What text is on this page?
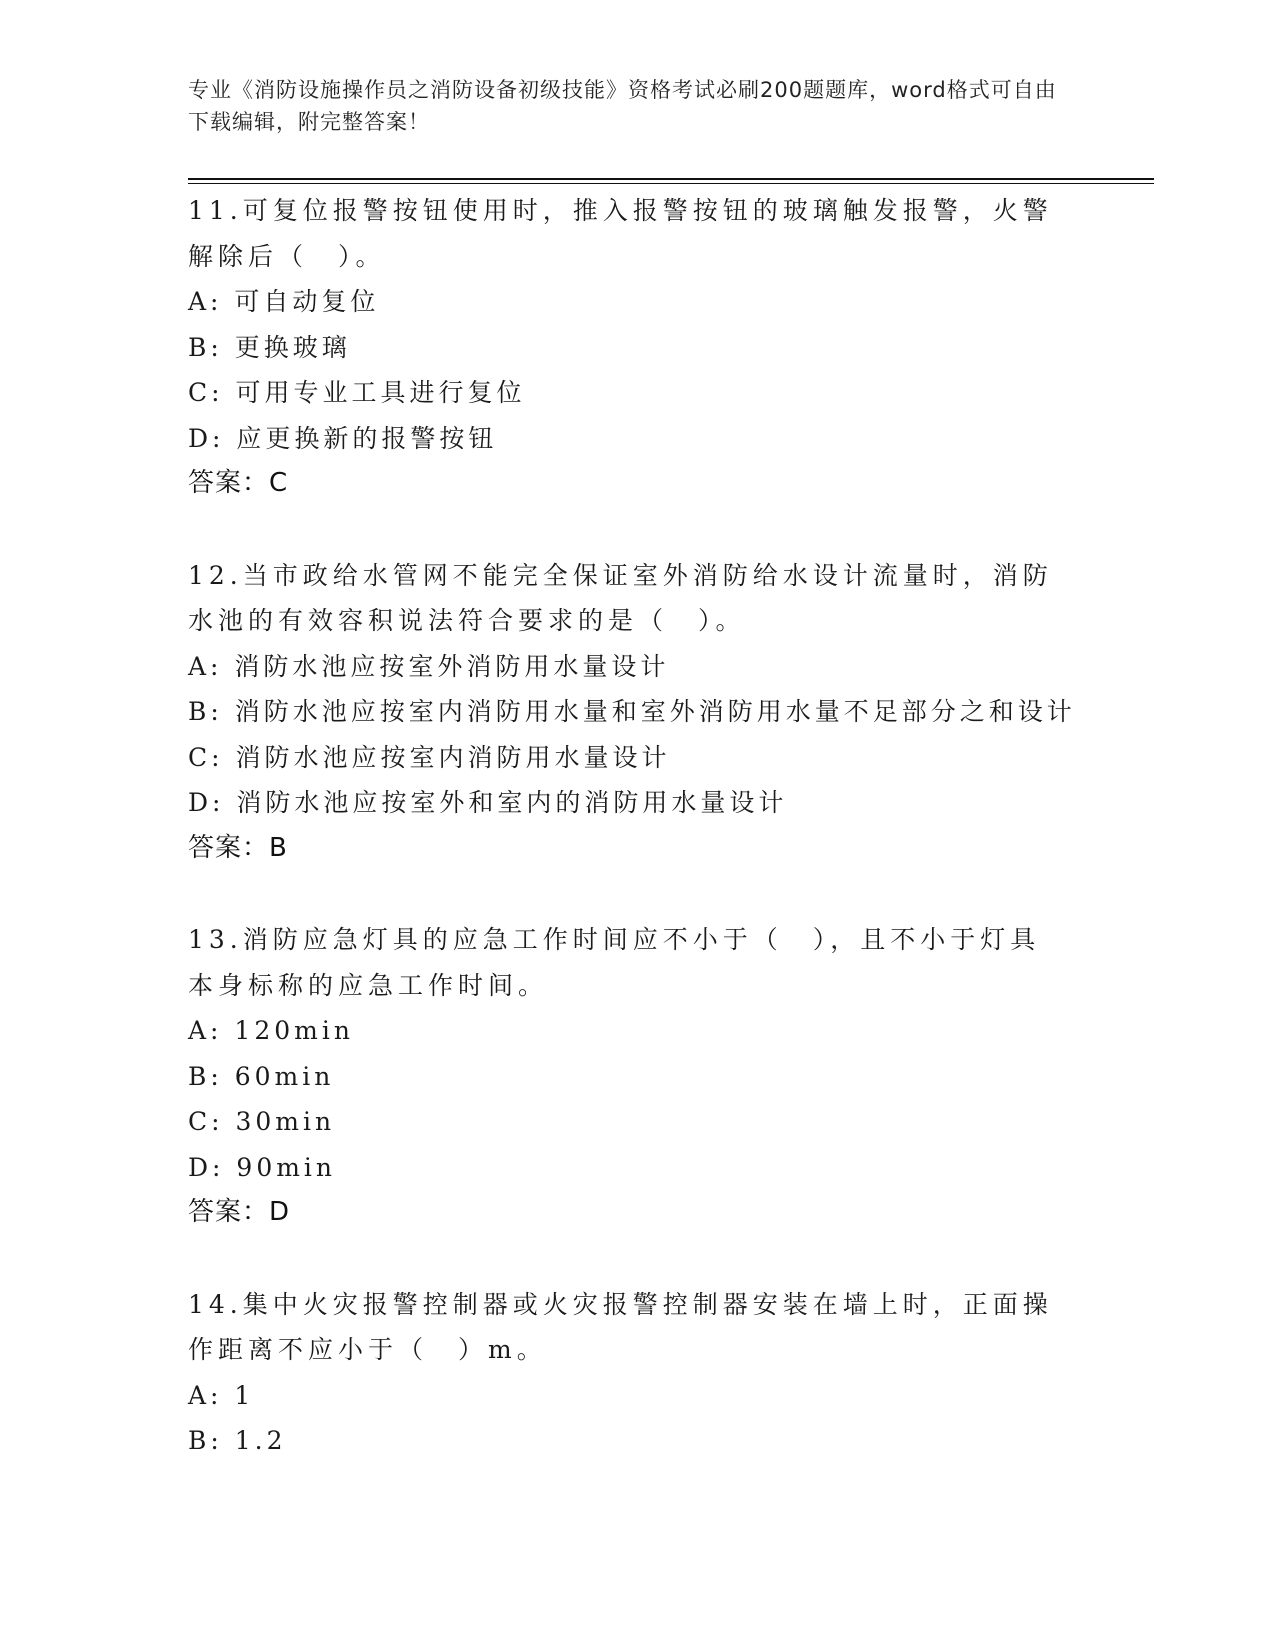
专业《消防设施操作员之消防设备初级技能》资格考试必刷200题题库，word格式可自由下载编辑，附完整答案！
11.可复位报警按钮使用时，推入报警按钮的玻璃触发报警，火警解除后（　）。
A: 可自动复位
B: 更换玻璃
C: 可用专业工具进行复位
D: 应更换新的报警按钮
答案：C
12.当市政给水管网不能完全保证室外消防给水设计流量时，消防水池的有效容积说法符合要求的是（　）。
A: 消防水池应按室外消防用水量设计
B: 消防水池应按室内消防用水量和室外消防用水量不足部分之和设计
C: 消防水池应按室内消防用水量设计
D: 消防水池应按室外和室内的消防用水量设计
答案：B
13.消防应急灯具的应急工作时间应不小于（　），且不小于灯具本身标称的应急工作时间。
A: 120min
B: 60min
C: 30min
D: 90min
答案：D
14.集中火灾报警控制器或火灾报警控制器安装在墙上时，正面操作距离不应小于（　）m。
A: 1
B: 1.2
